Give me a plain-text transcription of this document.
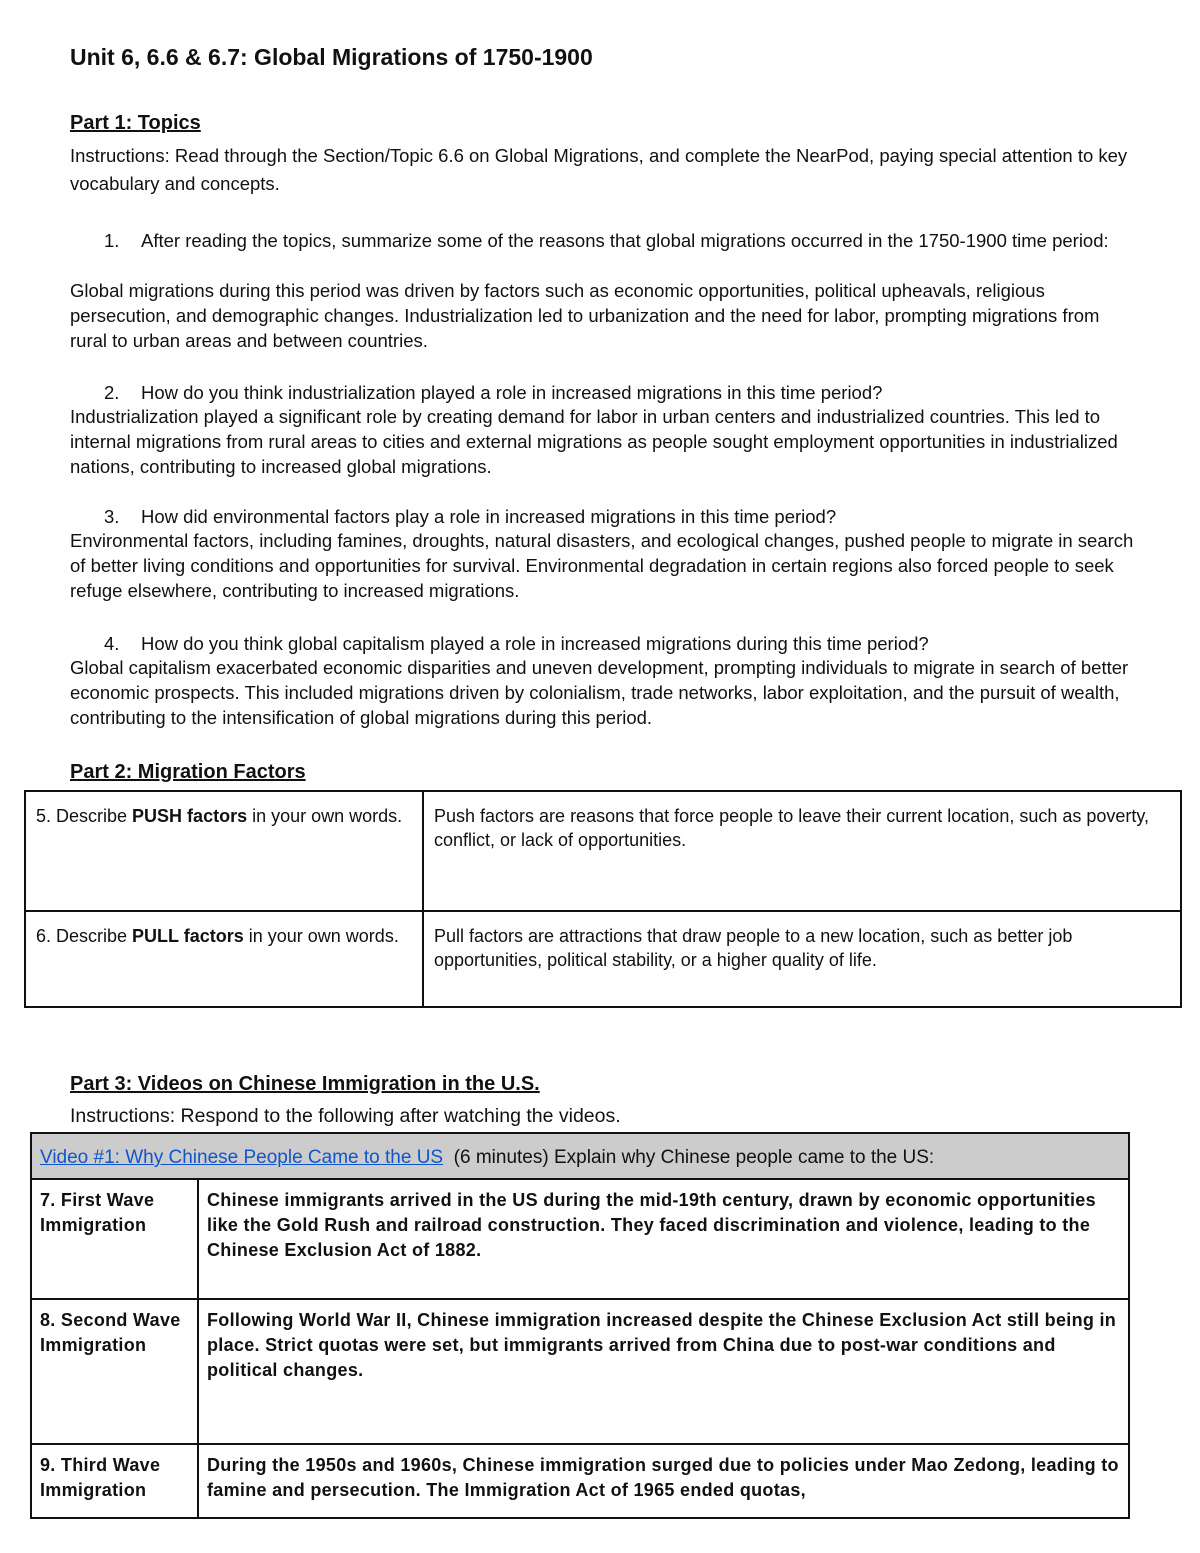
Unit 6, 6.6 & 6.7: Global Migrations of 1750-1900
Part 1: Topics
Instructions: Read through the Section/Topic 6.6 on Global Migrations, and complete the NearPod, paying special attention to key vocabulary and concepts.
1. After reading the topics, summarize some of the reasons that global migrations occurred in the 1750-1900 time period:
Global migrations during this period was driven by factors such as economic opportunities, political upheavals, religious persecution, and demographic changes. Industrialization led to urbanization and the need for labor, prompting migrations from rural to urban areas and between countries.
2. How do you think industrialization played a role in increased migrations in this time period?
Industrialization played a significant role by creating demand for labor in urban centers and industrialized countries. This led to internal migrations from rural areas to cities and external migrations as people sought employment opportunities in industrialized nations, contributing to increased global migrations.
3. How did environmental factors play a role in increased migrations in this time period?
Environmental factors, including famines, droughts, natural disasters, and ecological changes, pushed people to migrate in search of better living conditions and opportunities for survival. Environmental degradation in certain regions also forced people to seek refuge elsewhere, contributing to increased migrations.
4. How do you think global capitalism played a role in increased migrations during this time period?
Global capitalism exacerbated economic disparities and uneven development, prompting individuals to migrate in search of better economic prospects. This included migrations driven by colonialism, trade networks, labor exploitation, and the pursuit of wealth, contributing to the intensification of global migrations during this period.
Part 2: Migration Factors
5. Describe PUSH factors in your own words.	Push factors are reasons that force people to leave their current location, such as poverty, conflict, or lack of opportunities.
6. Describe PULL factors in your own words.	Pull factors are attractions that draw people to a new location, such as better job opportunities, political stability, or a higher quality of life.
Part 3: Videos on Chinese Immigration in the U.S.
Instructions: Respond to the following after watching the videos.
Video #1: Why Chinese People Came to the US (6 minutes) Explain why Chinese people came to the US:	
7. First Wave Immigration	Chinese immigrants arrived in the US during the mid-19th century, drawn by economic opportunities like the Gold Rush and railroad construction. They faced discrimination and violence, leading to the Chinese Exclusion Act of 1882.
8. Second Wave Immigration	Following World War II, Chinese immigration increased despite the Chinese Exclusion Act still being in place. Strict quotas were set, but immigrants arrived from China due to post-war conditions and political changes.
9. Third Wave Immigration	During the 1950s and 1960s, Chinese immigration surged due to policies under Mao Zedong, leading to famine and persecution. The Immigration Act of 1965 ended quotas,
